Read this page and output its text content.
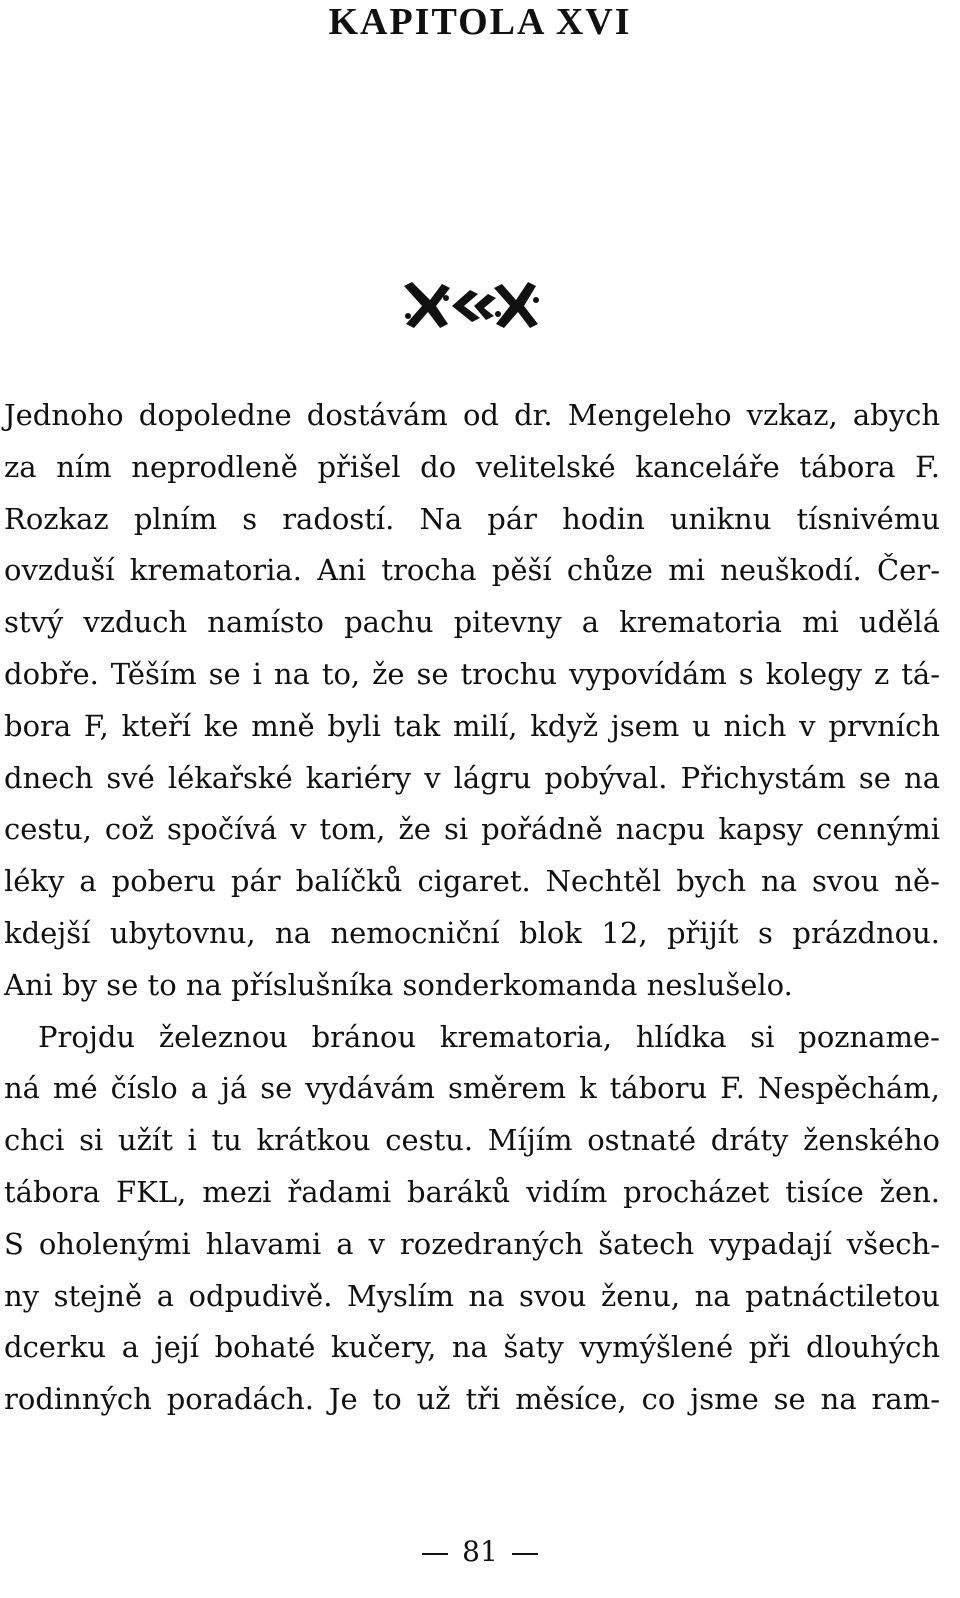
KAPITOLA XVI
Jednoho dopoledne dostávám od dr. Mengeleho vzkaz, abych
za ním neprodleně přišel do velitelské kanceláře tábora F.
Rozkaz plním s radostí. Na pár hodin uniknu tísnivému
ovzduší krematoria. Ani trocha pěší chůze mi neuškodí. Čer-
stvý vzduch namísto pachu pitevny a krematoria mi udělá
dobře. Těším se i na to, že se trochu vypovídám s kolegy z tá-
bora F, kteří ke mně byli tak milí, když jsem u nich v prvních
dnech své lékařské kariéry v lágru pobýval. Přichystám se na
cestu, což spočívá v tom, že si pořádně nacpu kapsy cennými
léky a poberu pár balíčků cigaret. Nechtěl bych na svou ně-
kdejší ubytovnu, na nemocniční blok 12, přijít s prázdnou.
Ani by se to na příslušníka sonderkomanda neslušelo.
Projdu železnou bránou krematoria, hlídka si poznamе-
ná mé číslo a já se vydávám směrem k táboru F. Nespěchám,
chci si užít i tu krátkou cestu. Míjím ostnaté dráty ženského
tábora FKL, mezi řadami baráků vidím procházet tisíce žen.
S oholenými hlavami a v rozedraných šatech vypadají všech-
ny stejně a odpudivě. Myslím na svou ženu, na patnáctiletou
dcerku a její bohaté kučery, na šaty vymýšlené při dlouhých
rodinných poradách. Je to už tři měsíce, co jsme se na ram-
81
